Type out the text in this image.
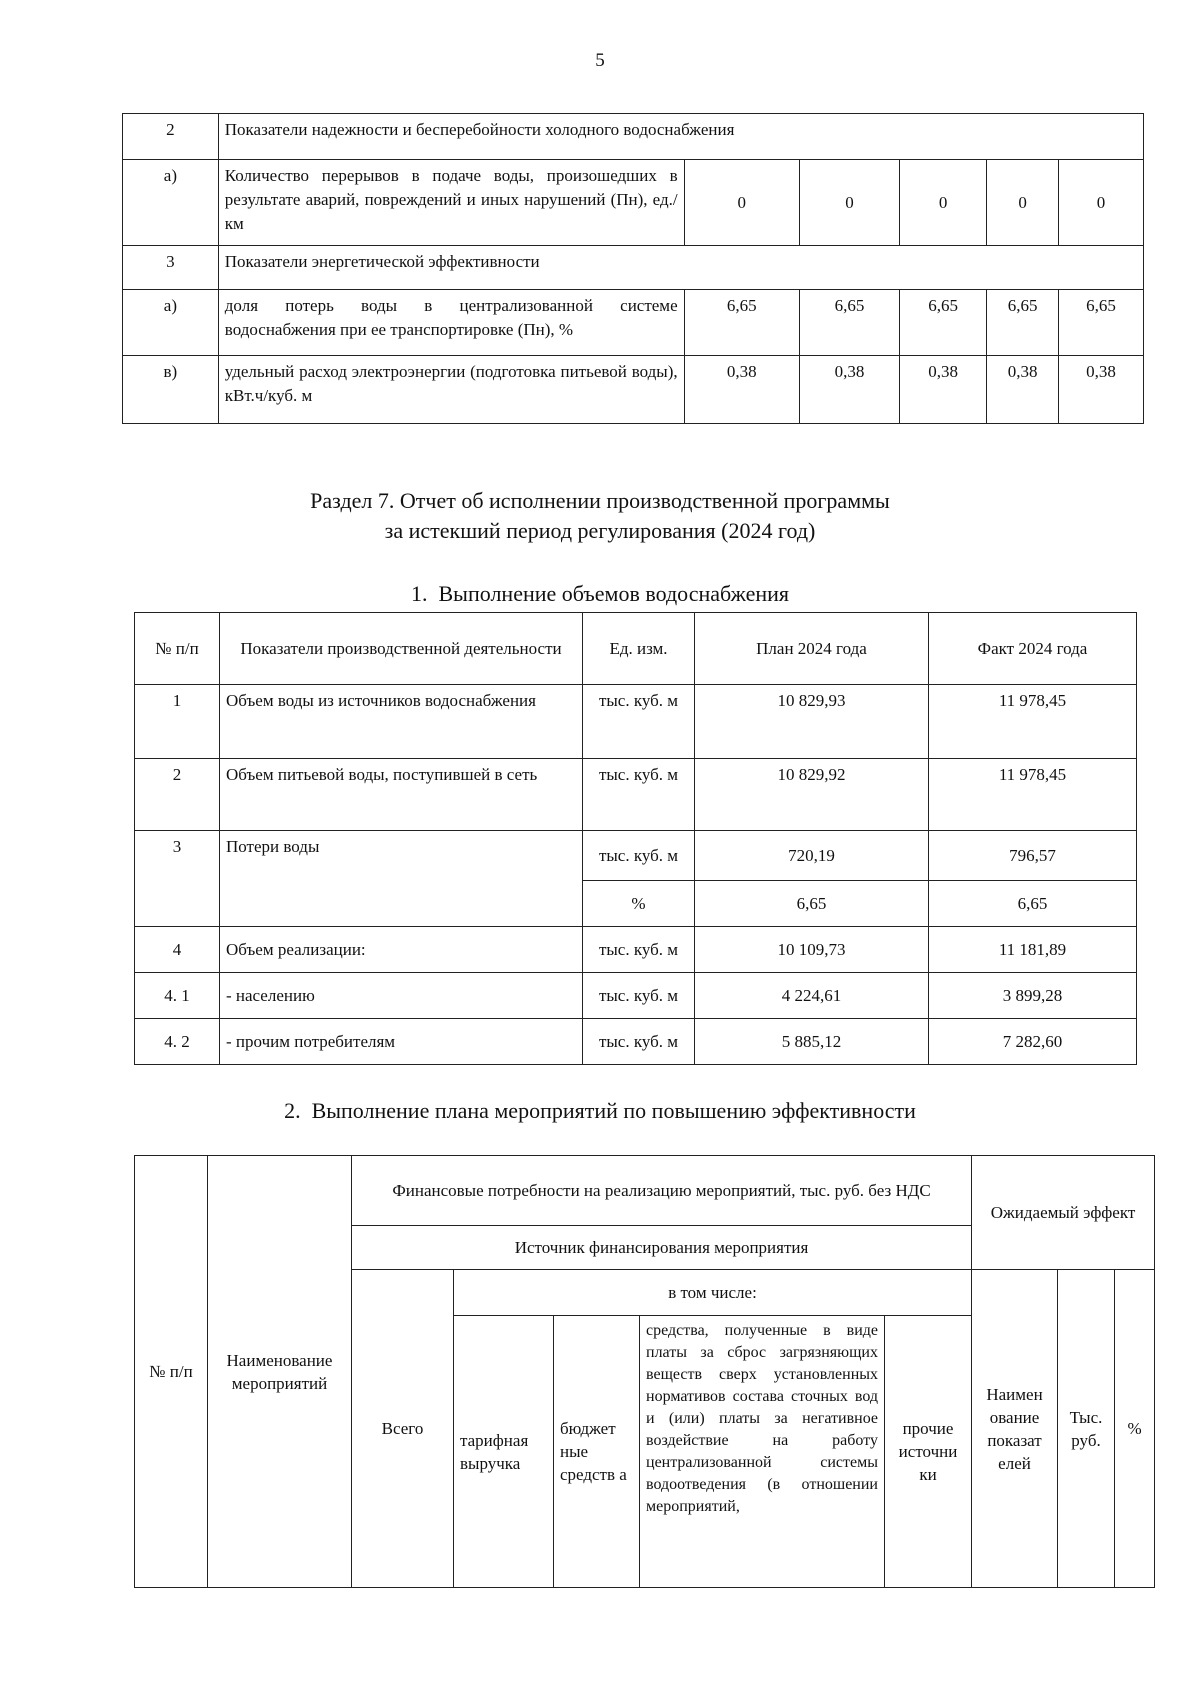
5
2	Показатели надежности и бесперебойности холодного водоснабжения					
а)	Количество перерывов в подаче воды, произошедших в результате аварий, повреждений и иных нарушений (Пн), ед./км	0	0	0	0	0
3	Показатели энергетической эффективности					
а)	доля потерь воды в централизованной системе водоснабжения при ее транспортировке (Пн), %	6,65	6,65	6,65	6,65	6,65
в)	удельный расход электроэнергии (подготовка питьевой воды), кВт.ч/куб. м	0,38	0,38	0,38	0,38	0,38
Раздел 7. Отчет об исполнении производственной программы
за истекший период регулирования (2024 год)
1.  Выполнение объемов водоснабжения
№ п/п	Показатели производственной деятельности	Ед. изм.	План 2024 года	Факт 2024 года
1	Объем воды из источников водоснабжения	тыс. куб. м	10 829,93	11 978,45
2	Объем питьевой воды, поступившей в сеть	тыс. куб. м	10 829,92	11 978,45
3	Потери воды	тыс. куб. м	720,19	796,57
		%	6,65	6,65
4	Объем реализации:	тыс. куб. м	10 109,73	11 181,89
4. 1	- населению	тыс. куб. м	4 224,61	3 899,28
4. 2	- прочим потребителям	тыс. куб. м	5 885,12	7 282,60
2.  Выполнение плана мероприятий по повышению эффективности
№ п/п	Наименование мероприятий	Финансовые потребности на реализацию мероприятий, тыс. руб. без НДС					Ожидаемый эффект		
		Источник финансирования мероприятия							
		Всего	в том числе:				Наимен ование показат елей	Тыс. руб.	%
			тарифная выручка	бюджет ные средств а	средства, полученные в виде платы за сброс загрязняющих веществ сверх установленных нормативов состава сточных вод и (или) платы за негативное воздействие на работу централизованной системы водоотведения (в отношении мероприятий,	прочие источни ки			
